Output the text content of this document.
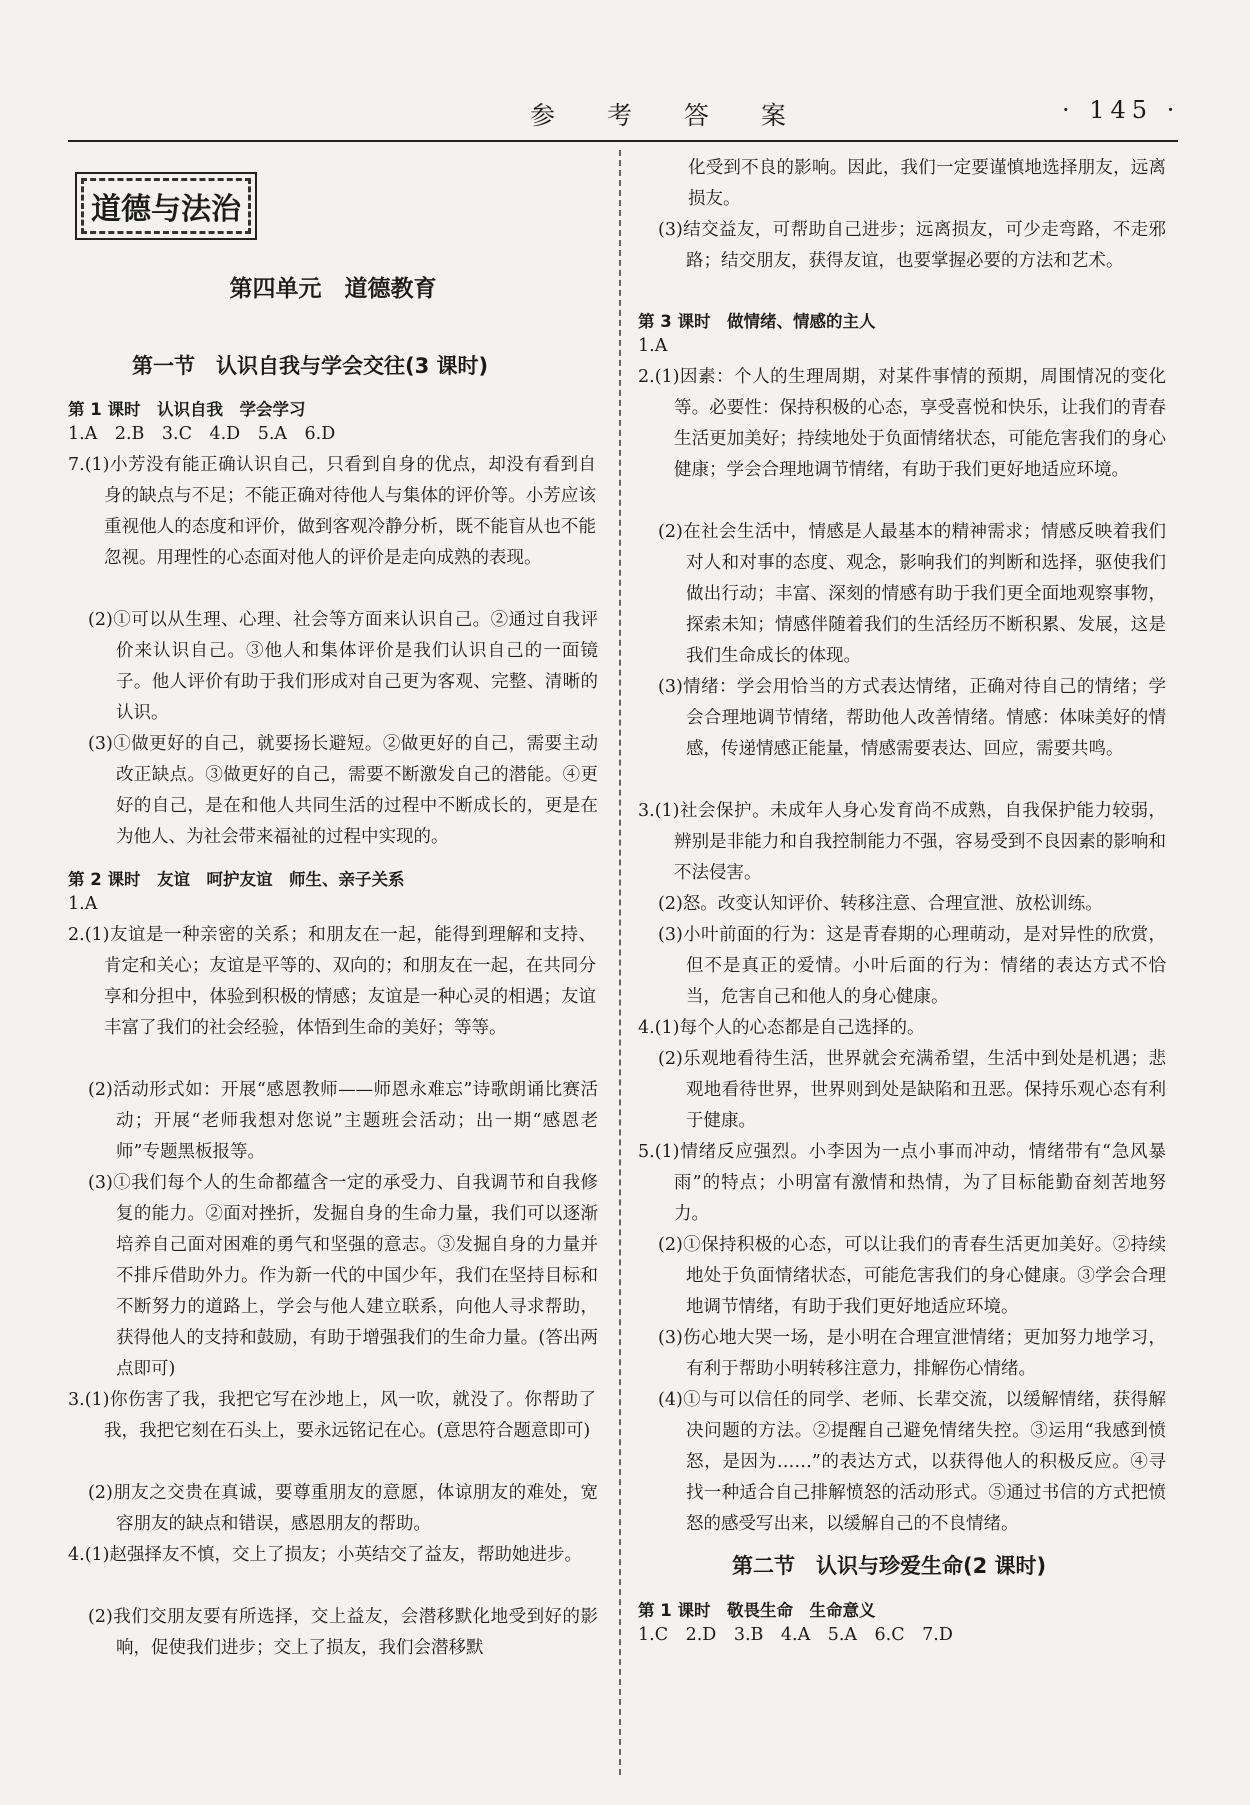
参 考 答 案	· 145 ·
道德与法治
第四单元　道德教育
第一节　认识自我与学会交往(3 课时)
第 1 课时　认识自我　学会学习
1.A　2.B　3.C　4.D　5.A　6.D
7.(1)小芳没有能正确认识自己，只看到自身的优点，却没有看到自身的缺点与不足；不能正确对待他人与集体的评价等。小芳应该重视他人的态度和评价，做到客观冷静分析，既不能盲从也不能忽视。用理性的心态面对他人的评价是走向成熟的表现。
(2)①可以从生理、心理、社会等方面来认识自己。②通过自我评价来认识自己。③他人和集体评价是我们认识自己的一面镜子。他人评价有助于我们形成对自己更为客观、完整、清晰的认识。
(3)①做更好的自己，就要扬长避短。②做更好的自己，需要主动改正缺点。③做更好的自己，需要不断激发自己的潜能。④更好的自己，是在和他人共同生活的过程中不断成长的，更是在为他人、为社会带来福祉的过程中实现的。
第 2 课时　友谊　呵护友谊　师生、亲子关系
1.A
2.(1)友谊是一种亲密的关系；和朋友在一起，能得到理解和支持、肯定和关心；友谊是平等的、双向的；和朋友在一起，在共同分享和分担中，体验到积极的情感；友谊是一种心灵的相遇；友谊丰富了我们的社会经验，体悟到生命的美好；等等。
(2)活动形式如：开展“感恩教师——师恩永难忘”诗歌朗诵比赛活动；开展“老师我想对您说”主题班会活动；出一期“感恩老师”专题黑板报等。
(3)①我们每个人的生命都蕴含一定的承受力、自我调节和自我修复的能力。②面对挫折，发掘自身的生命力量，我们可以逐渐培养自己面对困难的勇气和坚强的意志。③发掘自身的力量并不排斥借助外力。作为新一代的中国少年，我们在坚持目标和不断努力的道路上，学会与他人建立联系，向他人寻求帮助，获得他人的支持和鼓励，有助于增强我们的生命力量。(答出两点即可)
3.(1)你伤害了我，我把它写在沙地上，风一吹，就没了。你帮助了我，我把它刻在石头上，要永远铭记在心。(意思符合题意即可)
(2)朋友之交贵在真诚，要尊重朋友的意愿，体谅朋友的难处，宽容朋友的缺点和错误，感恩朋友的帮助。
4.(1)赵强择友不慎，交上了损友；小英结交了益友，帮助她进步。
(2)我们交朋友要有所选择，交上益友，会潜移默化地受到好的影响，促使我们进步；交上了损友，我们会潜移默
化受到不良的影响。因此，我们一定要谨慎地选择朋友，远离损友。
(3)结交益友，可帮助自己进步；远离损友，可少走弯路，不走邪路；结交朋友，获得友谊，也要掌握必要的方法和艺术。
第 3 课时　做情绪、情感的主人
1.A
2.(1)因素：个人的生理周期，对某件事情的预期，周围情况的变化等。必要性：保持积极的心态，享受喜悦和快乐，让我们的青春生活更加美好；持续地处于负面情绪状态，可能危害我们的身心健康；学会合理地调节情绪，有助于我们更好地适应环境。
(2)在社会生活中，情感是人最基本的精神需求；情感反映着我们对人和对事的态度、观念，影响我们的判断和选择，驱使我们做出行动；丰富、深刻的情感有助于我们更全面地观察事物，探索未知；情感伴随着我们的生活经历不断积累、发展，这是我们生命成长的体现。
(3)情绪：学会用恰当的方式表达情绪，正确对待自己的情绪；学会合理地调节情绪，帮助他人改善情绪。情感：体味美好的情感，传递情感正能量，情感需要表达、回应，需要共鸣。
3.(1)社会保护。未成年人身心发育尚不成熟，自我保护能力较弱，辨别是非能力和自我控制能力不强，容易受到不良因素的影响和不法侵害。
(2)怒。改变认知评价、转移注意、合理宣泄、放松训练。
(3)小叶前面的行为：这是青春期的心理萌动，是对异性的欣赏，但不是真正的爱情。小叶后面的行为：情绪的表达方式不恰当，危害自己和他人的身心健康。
4.(1)每个人的心态都是自己选择的。
(2)乐观地看待生活，世界就会充满希望，生活中到处是机遇；悲观地看待世界，世界则到处是缺陷和丑恶。保持乐观心态有利于健康。
5.(1)情绪反应强烈。小李因为一点小事而冲动，情绪带有“急风暴雨”的特点；小明富有激情和热情，为了目标能勤奋刻苦地努力。
(2)①保持积极的心态，可以让我们的青春生活更加美好。②持续地处于负面情绪状态，可能危害我们的身心健康。③学会合理地调节情绪，有助于我们更好地适应环境。
(3)伤心地大哭一场，是小明在合理宣泄情绪；更加努力地学习，有利于帮助小明转移注意力，排解伤心情绪。
(4)①与可以信任的同学、老师、长辈交流，以缓解情绪，获得解决问题的方法。②提醒自己避免情绪失控。③运用“我感到愤怒，是因为……”的表达方式，以获得他人的积极反应。④寻找一种适合自己排解愤怒的活动形式。⑤通过书信的方式把愤怒的感受写出来，以缓解自己的不良情绪。
第二节　认识与珍爱生命(2 课时)
第 1 课时　敬畏生命　生命意义
1.C　2.D　3.B　4.A　5.A　6.C　7.D
